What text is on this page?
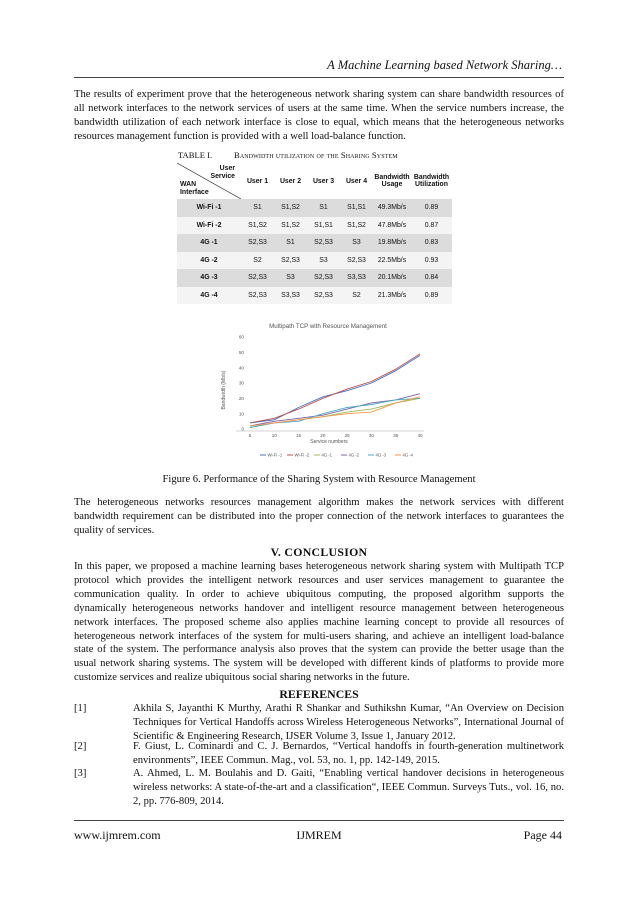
A Machine Learning based Network Sharing…

The results of experiment prove that the heterogeneous network sharing system can share bandwidth resources of all network interfaces to the network services of users at the same time. When the service numbers increase, the bandwidth utilization of each network interface is close to equal, which means that the heterogeneous networks resources management function is provided with a well load-balance function.

TABLE I.	Bandwidth utilization of the Sharing System
User
Service
WAN
Interface	User 1	User 2	User 3	User 4	Bandwidth Usage	Bandwidth Utilization
Wi-Fi -1	S1	S1,S2	S1	S1,S1	49.3Mb/s	0.89
Wi-Fi -2	S1,S2	S1,S2	S1,S1	S1,S2	47.8Mb/s	0.87
4G -1	S2,S3	S1	S2,S3	S3	19.8Mb/s	0.83
4G -2	S2	S2,S3	S3	S2,S3	22.5Mb/s	0.93
4G -3	S2,S3	S3	S2,S3	S3,S3	20.1Mb/s	0.84
4G -4	S2,S3	S3,S3	S2,S3	S2	21.3Mb/s	0.89
Multipath TCP with Resource Management
Bandwidth (Mb/s)
Service numbers
0
10
20
30
40
50
60
5	10	15	20	25	30	35	40
Wi-Fi -1	Wi-Fi -2	4G -1	4G -2	4G -3	4G -4
Figure 6. Performance of the Sharing System with Resource Management

The heterogeneous networks resources management algorithm makes the network services with different bandwidth requirement can be distributed into the proper connection of the network interfaces to guarantees the quality of services.

V. CONCLUSION

In this paper, we proposed a machine learning bases heterogeneous network sharing system with Multipath TCP protocol which provides the intelligent network resources and user services management to guarantee the communication quality. In order to achieve ubiquitous computing, the proposed algorithm supports the dynamically heterogeneous networks handover and intelligent resource management between heterogeneous network interfaces. The proposed scheme also applies machine learning concept to provide all resources of heterogeneous network interfaces of the system for multi-users sharing, and achieve an intelligent load-balance state of the system. The performance analysis also proves that the system can provide the better usage than the usual network sharing systems. The system will be developed with different kinds of platforms to provide more customize services and realize ubiquitous social sharing networks in the future.

REFERENCES
[1]	Akhila S, Jayanthi K Murthy, Arathi R Shankar and Suthikshn Kumar, “An Overview on Decision Techniques for Vertical Handoffs across Wireless Heterogeneous Networks”, International Journal of Scientific & Engineering Research, IJSER Volume 3, Issue 1, January 2012.
[2]	F. Giust, L. Cominardi and C. J. Bernardos, “Vertical handoffs in fourth-generation multinetwork environments”, IEEE Commun. Mag., vol. 53, no. 1, pp. 142-149, 2015.
[3]	A. Ahmed, L. M. Boulahis and D. Gaiti, “Enabling vertical handover decisions in heterogeneous wireless networks: A state-of-the-art and a classification“, IEEE Commun. Surveys Tuts., vol. 16, no. 2, pp. 776-809, 2014.
www.ijmrem.com	IJMREM	Page 44
